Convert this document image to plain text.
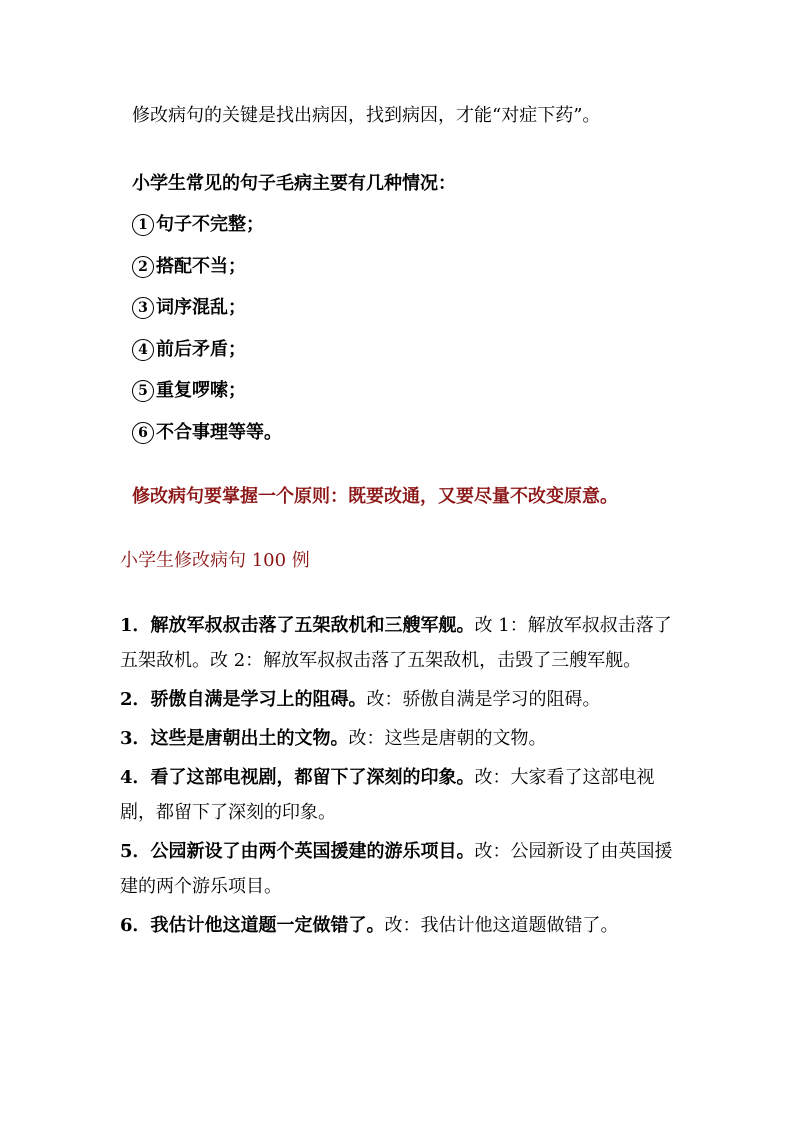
修改病句的关键是找出病因，找到病因，才能“对症下药”。
小学生常见的句子毛病主要有几种情况：
1 句子不完整；
2 搭配不当；
3 词序混乱；
4 前后矛盾；
5 重复啰嗦；
6 不合事理等等。
修改病句要掌握一个原则：既要改通，又要尽量不改变原意。
小学生修改病句 100 例
1．解放军叔叔击落了五架敌机和三艘军舰。改 1：解放军叔叔击落了五架敌机。改 2：解放军叔叔击落了五架敌机，击毁了三艘军舰。
2．骄傲自满是学习上的阻碍。改：骄傲自满是学习的阻碍。
3．这些是唐朝出土的文物。改：这些是唐朝的文物。
4．看了这部电视剧，都留下了深刻的印象。改：大家看了这部电视剧，都留下了深刻的印象。
5．公园新设了由两个英国援建的游乐项目。改：公园新设了由英国援建的两个游乐项目。
6．我估计他这道题一定做错了。改：我估计他这道题做错了。
